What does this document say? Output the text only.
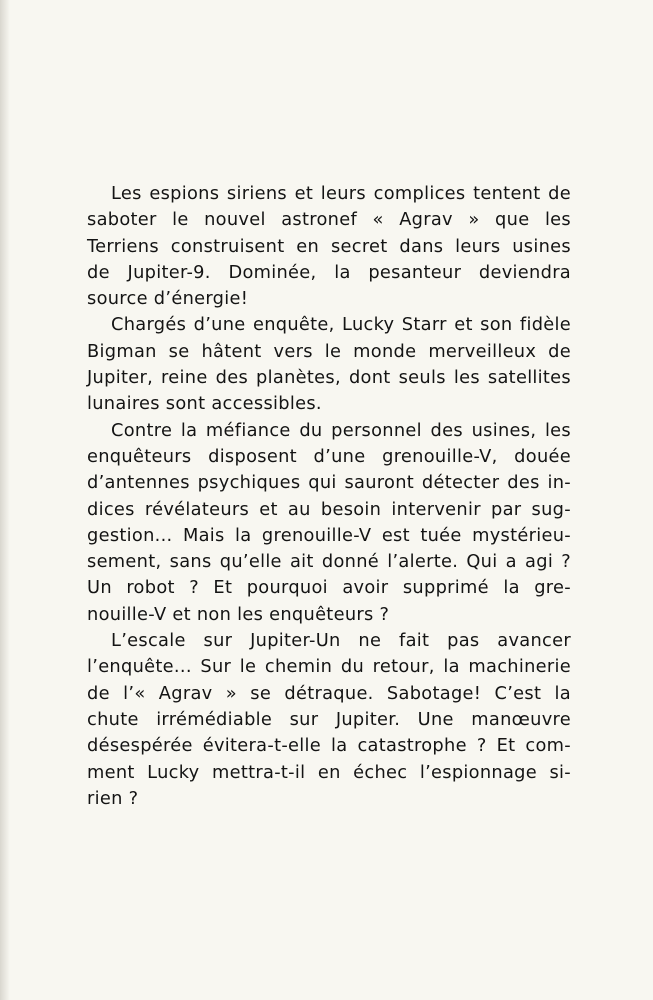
Les espions siriens et leurs complices tentent de
saboter le nouvel astronef « Agrav » que les
Terriens construisent en secret dans leurs usines
de Jupiter-9. Dominée, la pesanteur deviendra
source d’énergie!
Chargés d’une enquête, Lucky Starr et son fidèle
Bigman se hâtent vers le monde merveilleux de
Jupiter, reine des planètes, dont seuls les satellites
lunaires sont accessibles.
Contre la méfiance du personnel des usines, les
enquêteurs disposent d’une grenouille-V, douée
d’antennes psychiques qui sauront détecter des in-
dices révélateurs et au besoin intervenir par sug-
gestion... Mais la grenouille-V est tuée mystérieu-
sement, sans qu’elle ait donné l’alerte. Qui a agi ?
Un robot ? Et pourquoi avoir supprimé la gre-
nouille-V et non les enquêteurs ?
L’escale sur Jupiter-Un ne fait pas avancer
l’enquête... Sur le chemin du retour, la machinerie
de l’« Agrav » se détraque. Sabotage! C’est la
chute irrémédiable sur Jupiter. Une manœuvre
désespérée évitera-t-elle la catastrophe ? Et com-
ment Lucky mettra-t-il en échec l’espionnage si-
rien ?
